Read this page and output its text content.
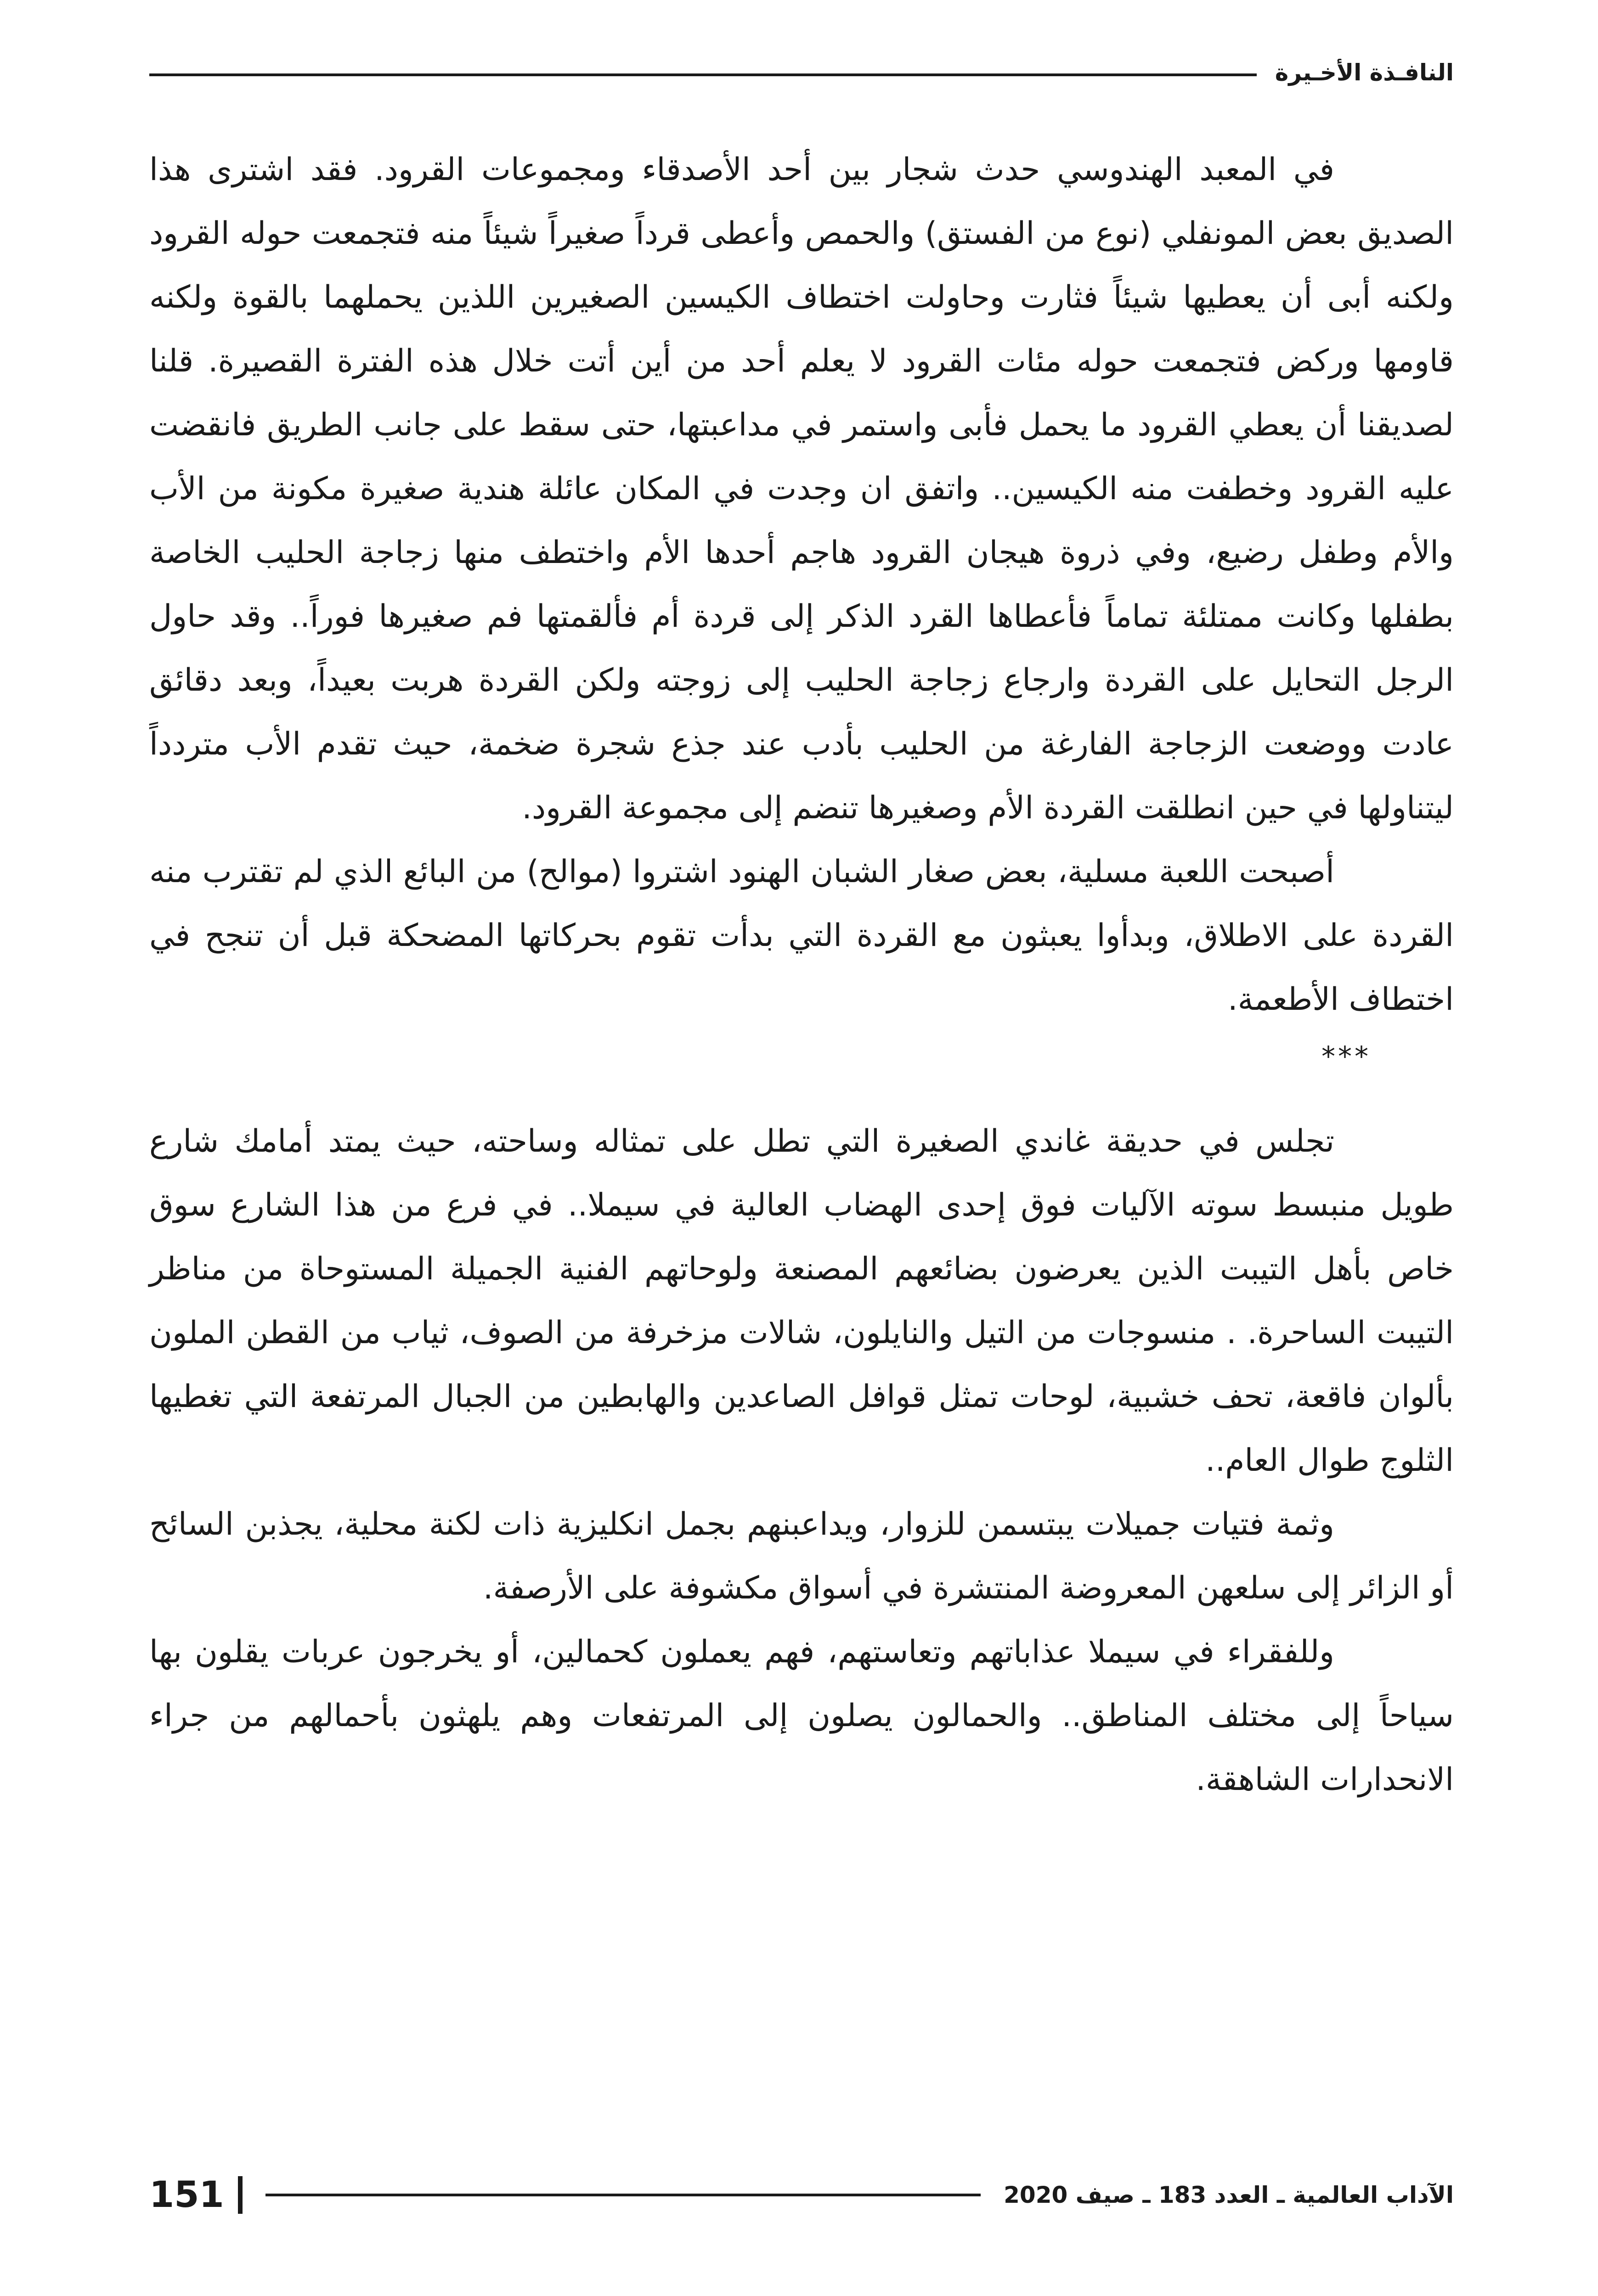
النافـذة الأخـيرة

في المعبد الهندوسي حدث شجار بين أحد الأصدقاء ومجموعات القرود. فقد اشترى هذا الصديق بعض المونفلي (نوع من الفستق) والحمص وأعطى قرداً صغيراً شيئاً منه فتجمعت حوله القرود ولكنه أبى أن يعطيها شيئاً فثارت وحاولت اختطاف الكيسين الصغيرين اللذين يحملهما بالقوة ولكنه قاومها وركض فتجمعت حوله مئات القرود لا يعلم أحد من أين أتت خلال هذه الفترة القصيرة. قلنا لصديقنا أن يعطي القرود ما يحمل فأبى واستمر في مداعبتها، حتى سقط على جانب الطريق فانقضت عليه القرود وخطفت منه الكيسين.. واتفق ان وجدت في المكان عائلة هندية صغيرة مكونة من الأب والأم وطفل رضيع، وفي ذروة هيجان القرود هاجم أحدها الأم واختطف منها زجاجة الحليب الخاصة بطفلها وكانت ممتلئة تماماً فأعطاها القرد الذكر إلى قردة أم فألقمتها فم صغيرها فوراً.. وقد حاول الرجل التحايل على القردة وارجاع زجاجة الحليب إلى زوجته ولكن القردة هربت بعيداً، وبعد دقائق عادت ووضعت الزجاجة الفارغة من الحليب بأدب عند جذع شجرة ضخمة، حيث تقدم الأب متردداً ليتناولها في حين انطلقت القردة الأم وصغيرها تنضم إلى مجموعة القرود.

أصبحت اللعبة مسلية، بعض صغار الشبان الهنود اشتروا (موالح) من البائع الذي لم تقترب منه القردة على الاطلاق، وبدأوا يعبثون مع القردة التي بدأت تقوم بحركاتها المضحكة قبل أن تنجح في اختطاف الأطعمة.

***

تجلس في حديقة غاندي الصغيرة التي تطل على تمثاله وساحته، حيث يمتد أمامك شارع طويل منبسط سوته الآليات فوق إحدى الهضاب العالية في سيملا.. في فرع من هذا الشارع سوق خاص بأهل التيبت الذين يعرضون بضائعهم المصنعة ولوحاتهم الفنية الجميلة المستوحاة من مناظر التيبت الساحرة. . منسوجات من التيل والنايلون، شالات مزخرفة من الصوف، ثياب من القطن الملون بألوان فاقعة، تحف خشبية، لوحات تمثل قوافل الصاعدين والهابطين من الجبال المرتفعة التي تغطيها الثلوج طوال العام..

وثمة فتيات جميلات يبتسمن للزوار، ويداعبنهم بجمل انكليزية ذات لكنة محلية، يجذبن السائح أو الزائر إلى سلعهن المعروضة المنتشرة في أسواق مكشوفة على الأرصفة.

وللفقراء في سيملا عذاباتهم وتعاستهم، فهم يعملون كحمالين، أو يخرجون عربات يقلون بها سياحاً إلى مختلف المناطق.. والحمالون يصلون إلى المرتفعات وهم يلهثون بأحمالهم من جراء الانحدارات الشاهقة.

151	الآداب العالمية ـ العدد 183 ـ صيف 2020
